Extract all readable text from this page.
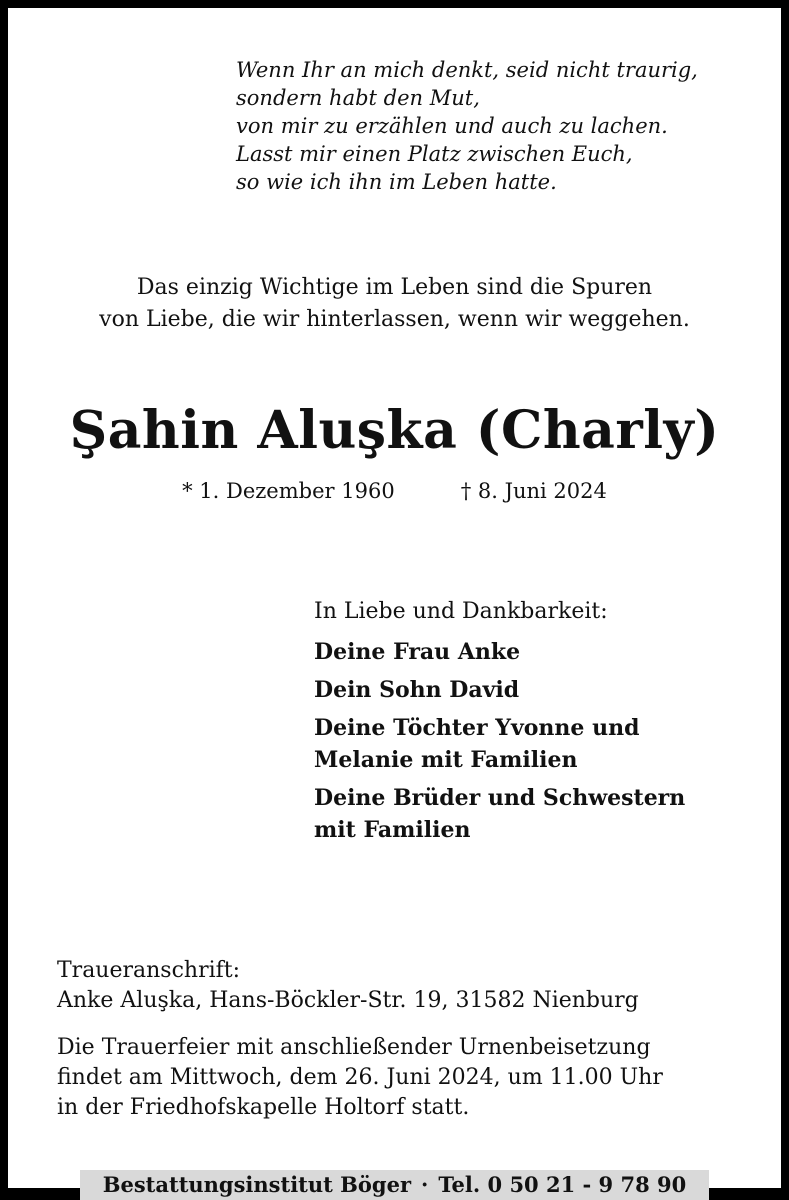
Wenn Ihr an mich denkt, seid nicht traurig,
sondern habt den Mut,
von mir zu erzählen und auch zu lachen.
Lasst mir einen Platz zwischen Euch,
so wie ich ihn im Leben hatte.
Das einzig Wichtige im Leben sind die Spuren
von Liebe, die wir hinterlassen, wenn wir weggehen.
Şahin Aluşka (Charly)
* 1. Dezember 1960	† 8. Juni 2024
In Liebe und Dankbarkeit:
Deine Frau Anke
Dein Sohn David
Deine Töchter Yvonne und
Melanie mit Familien
Deine Brüder und Schwestern
mit Familien
Traueranschrift:
Anke Aluşka, Hans-Böckler-Str. 19, 31582 Nienburg
Die Trauerfeier mit anschließender Urnenbeisetzung
findet am Mittwoch, dem 26. Juni 2024, um 11.00 Uhr
in der Friedhofskapelle Holtorf statt.
Bestattungsinstitut Böger · Tel. 0 50 21 - 9 78 90
